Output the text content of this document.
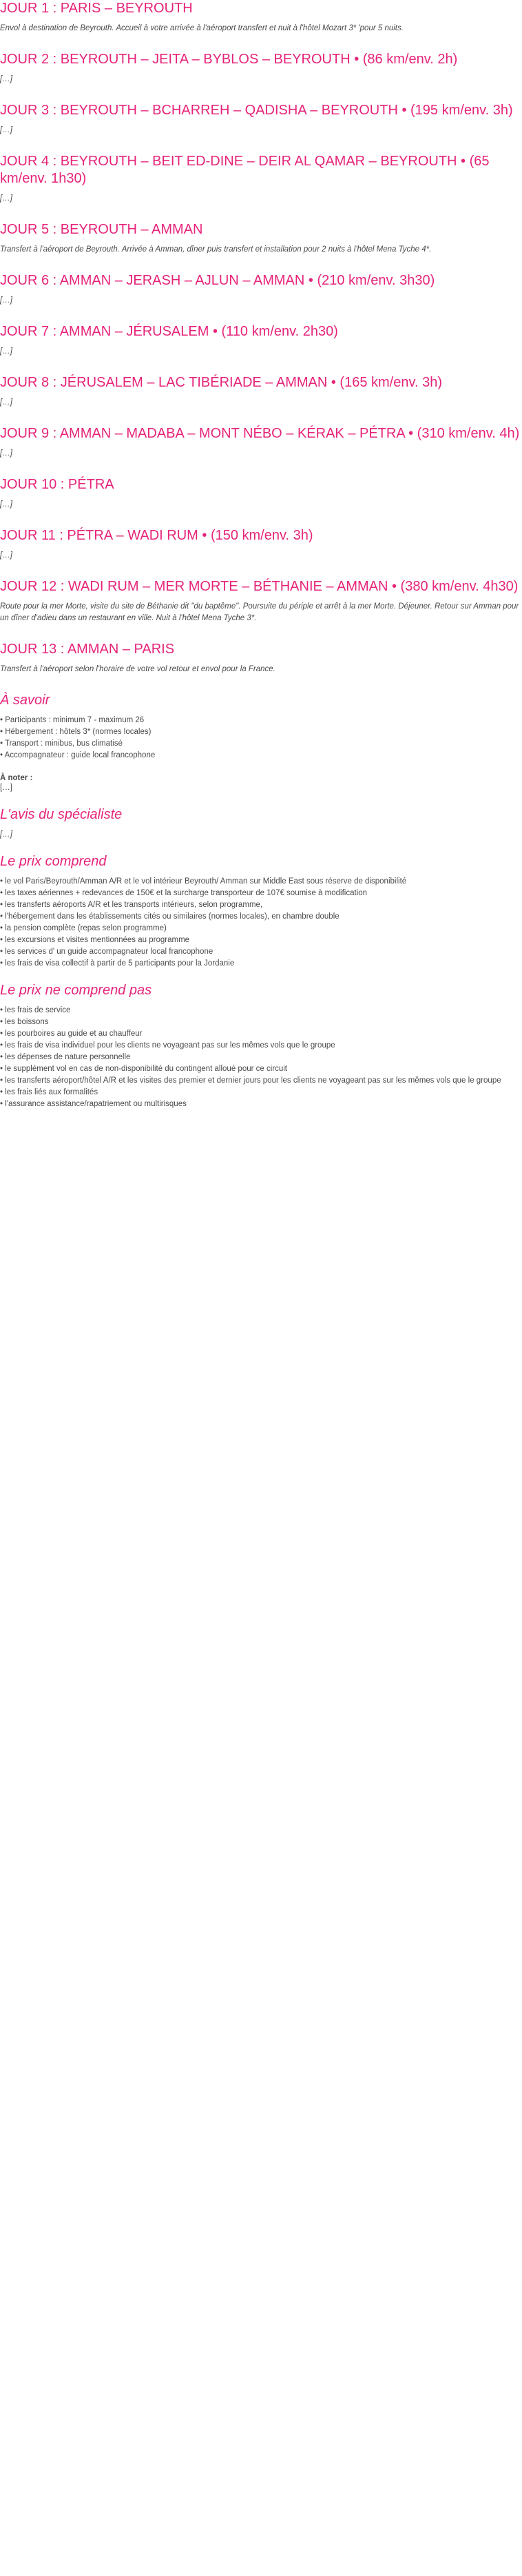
JOUR 1 : PARIS – BEYROUTH

Envol à destination de Beyrouth. Accueil à votre arrivée à l'aéroport transfert et nuit à l'hôtel Mozart 3* 'pour 5 nuits.

JOUR 2 : BEYROUTH – JEITA – BYBLOS – BEYROUTH • (86 km/env. 2h)

[…]

JOUR 3 : BEYROUTH – BCHARREH – QADISHA – BEYROUTH • (195 km/env. 3h)

[…]

JOUR 4 : BEYROUTH – BEIT ED-DINE – DEIR AL QAMAR – BEYROUTH • (65 km/env. 1h30)

[…]

JOUR 5 : BEYROUTH – AMMAN

Transfert à l'aéroport de Beyrouth. Arrivée à Amman, dîner puis transfert et installation pour 2 nuits à l'hôtel Mena Tyche 4*.

JOUR 6 : AMMAN – JERASH – AJLUN – AMMAN • (210 km/env. 3h30)

[…]

JOUR 7 : AMMAN – JÉRUSALEM • (110 km/env. 2h30)

[…]

JOUR 8 : JÉRUSALEM – LAC TIBÉRIADE – AMMAN • (165 km/env. 3h)

[…]

JOUR 9 : AMMAN – MADABA – MONT NÉBO – KÉRAK – PÉTRA • (310 km/env. 4h)

[…]

JOUR 10 : PÉTRA

[…]

JOUR 11 : PÉTRA – WADI RUM • (150 km/env. 3h)

[…]

JOUR 12 : WADI RUM – MER MORTE – BÉTHANIE – AMMAN • (380 km/env. 4h30)

Route pour la mer Morte, visite du site de Béthanie dit "du baptême". Poursuite du périple et arrêt à la mer Morte. Déjeuner. Retour sur Amman pour un dîner d'adieu dans un restaurant en ville. Nuit à l'hôtel Mena Tyche 3*.

JOUR 13 : AMMAN – PARIS

Transfert à l'aéroport selon l'horaire de votre vol retour et envol pour la France.

À savoir
• Participants : minimum 7 - maximum 26
• Hébergement : hôtels 3* (normes locales)
• Transport : minibus, bus climatisé
• Accompagnateur : guide local francophone
À noter :

[…]

L'avis du spécialiste

[…]

Le prix comprend
• le vol Paris/Beyrouth/Amman A/R et le vol intérieur Beyrouth/ Amman sur Middle East sous réserve de disponibilité
• les taxes aériennes + redevances de 150€ et la surcharge transporteur de 107€ soumise à modification
• les transferts aéroports A/R et les transports intérieurs, selon programme,
• l'hébergement dans les établissements cités ou similaires (normes locales), en chambre double
• la pension complète (repas selon programme)
• les excursions et visites mentionnées au programme
• les services d' un guide accompagnateur local francophone
• les frais de visa collectif à partir de 5 participants pour la Jordanie
Le prix ne comprend pas
• les frais de service
• les boissons
• les pourboires au guide et au chauffeur
• les frais de visa individuel pour les clients ne voyageant pas sur les mêmes vols que le groupe
• les dépenses de nature personnelle
• le supplément vol en cas de non-disponibilité du contingent alloué pour ce circuit
• les transferts aéroport/hôtel A/R et les visites des premier et dernier jours pour les clients ne voyageant pas sur les mêmes vols que le groupe
• les frais liés aux formalités
• l'assurance assistance/rapatriement ou multirisques
